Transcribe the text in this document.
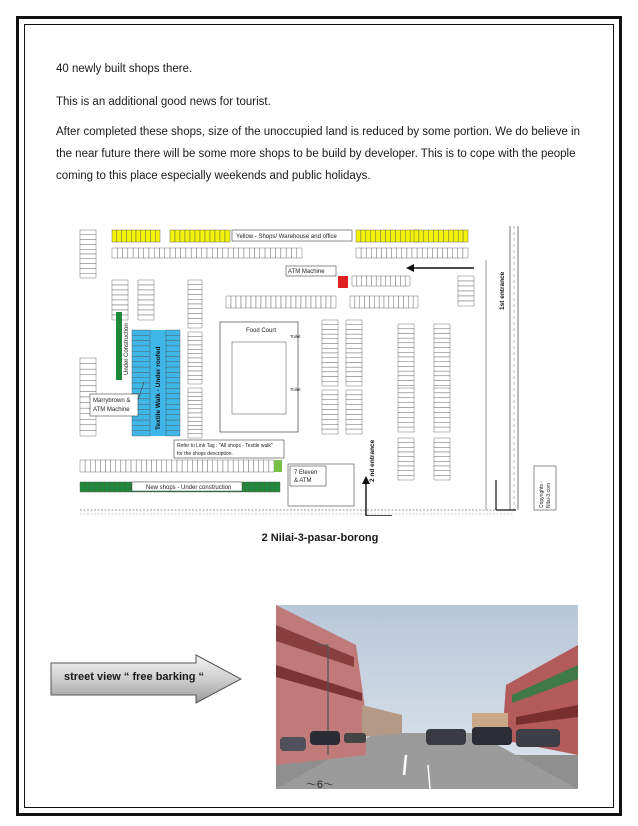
40 newly built shops there.
This is an additional good news for tourist.
After completed these shops, size of the unoccupied land is reduced by some portion. We do believe in the near future there will be some more shops to be build by developer. This is to cope with the people coming to this place especially weekends and public holidays.
Yellow - Shops/ Warehouse and office
ATM Machine
Under Construction	Textile Walk - Under roofed
Food Court
Toilet
Toilet
Marrybrown &
ATM Machine
Refer to Link Tag : "All shops - Textile walk"
for the shops description.
7 Eleven
& ATM
New shops - Under construction
1st entrance
2 nd entrance
Copyrights - Nilai-3.com
2 Nilai-3-pasar-borong
street view “ free barking “
～6～
